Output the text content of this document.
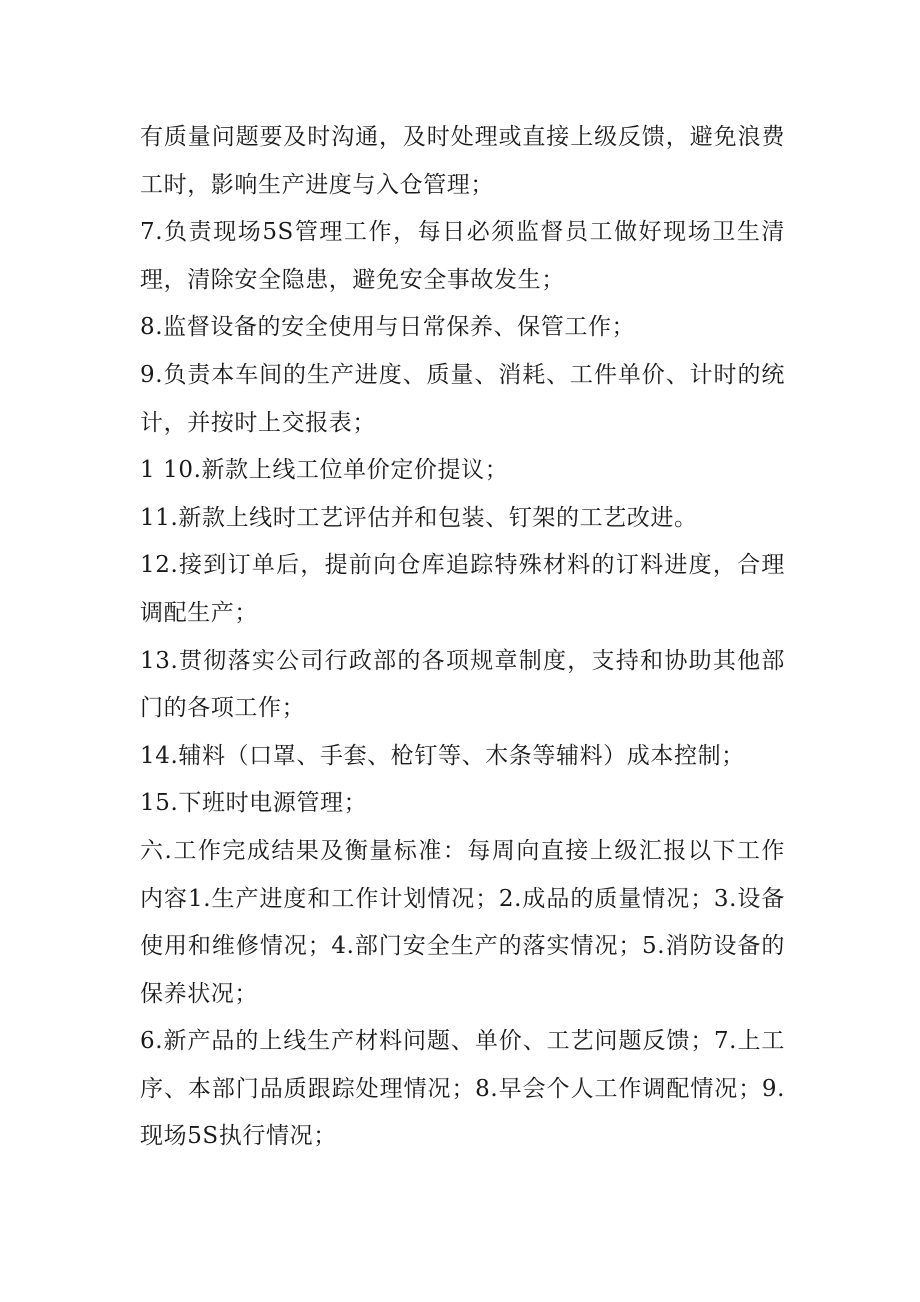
有质量问题要及时沟通，及时处理或直接上级反馈，避免浪费工时，影响生产进度与入仓管理；

7.负责现场5S管理工作，每日必须监督员工做好现场卫生清理，清除安全隐患，避免安全事故发生；

8.监督设备的安全使用与日常保养、保管工作；

9.负责本车间的生产进度、质量、消耗、工件单价、计时的统计，并按时上交报表；

1 10.新款上线工位单价定价提议；

11.新款上线时工艺评估并和包装、钉架的工艺改进。

12.接到订单后，提前向仓库追踪特殊材料的订料进度，合理调配生产；

13.贯彻落实公司行政部的各项规章制度，支持和协助其他部门的各项工作；

14.辅料（口罩、手套、枪钉等、木条等辅料）成本控制；

15.下班时电源管理；

六.工作完成结果及衡量标准：每周向直接上级汇报以下工作内容1.生产进度和工作计划情况；2.成品的质量情况；3.设备使用和维修情况；4.部门安全生产的落实情况；5.消防设备的保养状况；

6.新产品的上线生产材料问题、单价、工艺问题反馈；7.上工序、本部门品质跟踪处理情况；8.早会个人工作调配情况；9.现场5S执行情况；
